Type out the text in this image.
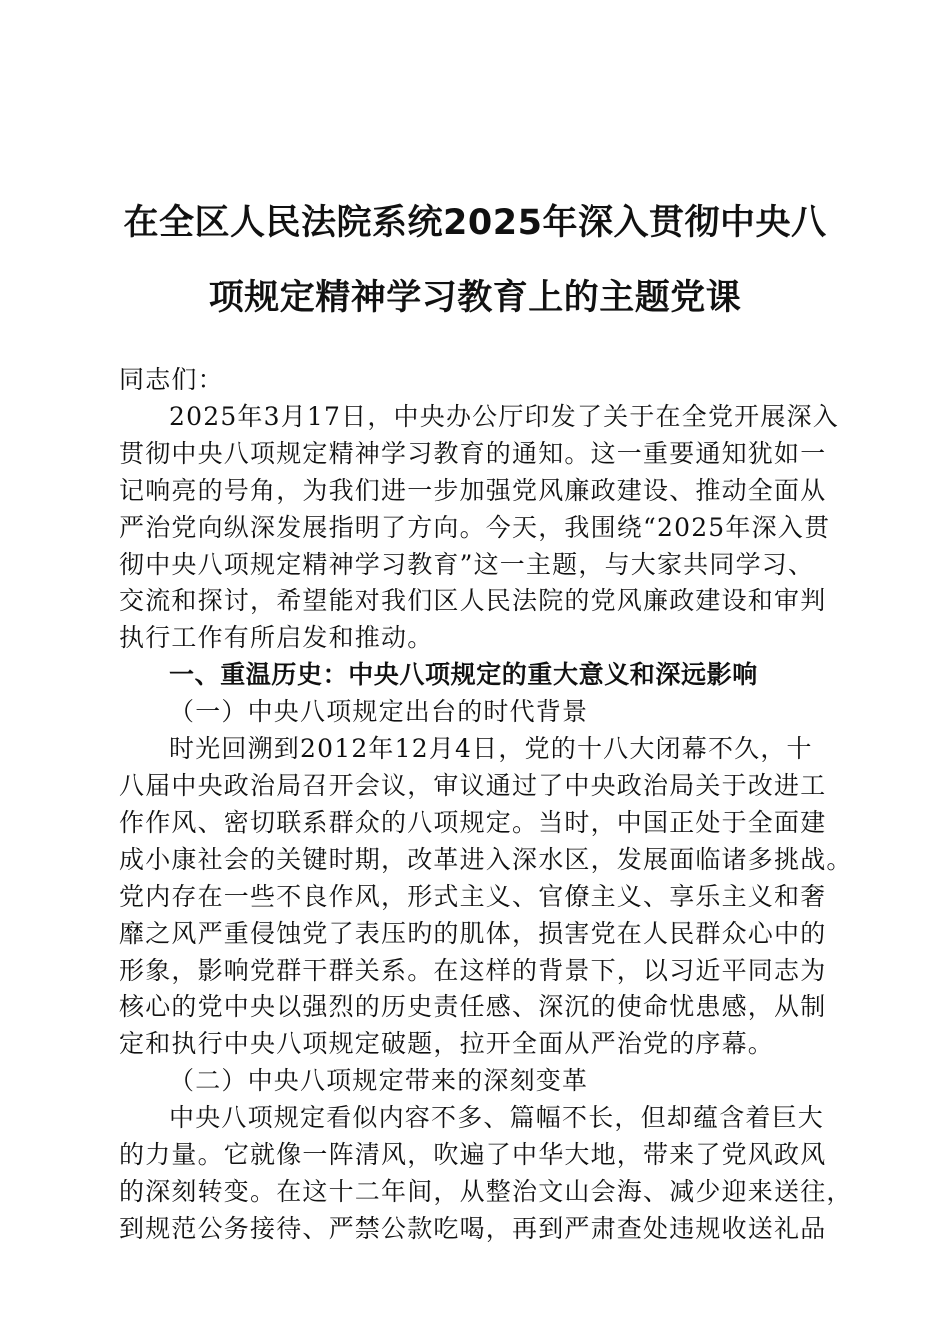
在全区人民法院系统2025年深入贯彻中央八
项规定精神学习教育上的主题党课

同志们：

2025年3月17日，中央办公厅印发了关于在全党开展深入
贯彻中央八项规定精神学习教育的通知。这一重要通知犹如一
记响亮的号角，为我们进一步加强党风廉政建设、推动全面从
严治党向纵深发展指明了方向。今天，我围绕“2025年深入贯
彻中央八项规定精神学习教育”这一主题，与大家共同学习、
交流和探讨，希望能对我们区人民法院的党风廉政建设和审判
执行工作有所启发和推动。

一、重温历史：中央八项规定的重大意义和深远影响

（一）中央八项规定出台的时代背景

时光回溯到2012年12月4日，党的十八大闭幕不久，十
八届中央政治局召开会议，审议通过了中央政治局关于改进工
作作风、密切联系群众的八项规定。当时，中国正处于全面建
成小康社会的关键时期，改革进入深水区，发展面临诸多挑战。
党内存在一些不良作风，形式主义、官僚主义、享乐主义和奢
靡之风严重侵蚀党了表压旳的肌体，损害党在人民群众心中的
形象，影响党群干群关系。在这样的背景下，以习近平同志为
核心的党中央以强烈的历史责任感、深沉的使命忧患感，从制
定和执行中央八项规定破题，拉开全面从严治党的序幕。

（二）中央八项规定带来的深刻变革

中央八项规定看似内容不多、篇幅不长，但却蕴含着巨大
的力量。它就像一阵清风，吹遍了中华大地，带来了党风政风
的深刻转变。在这十二年间，从整治文山会海、减少迎来送往，
到规范公务接待、严禁公款吃喝，再到严肃查处违规收送礼品
